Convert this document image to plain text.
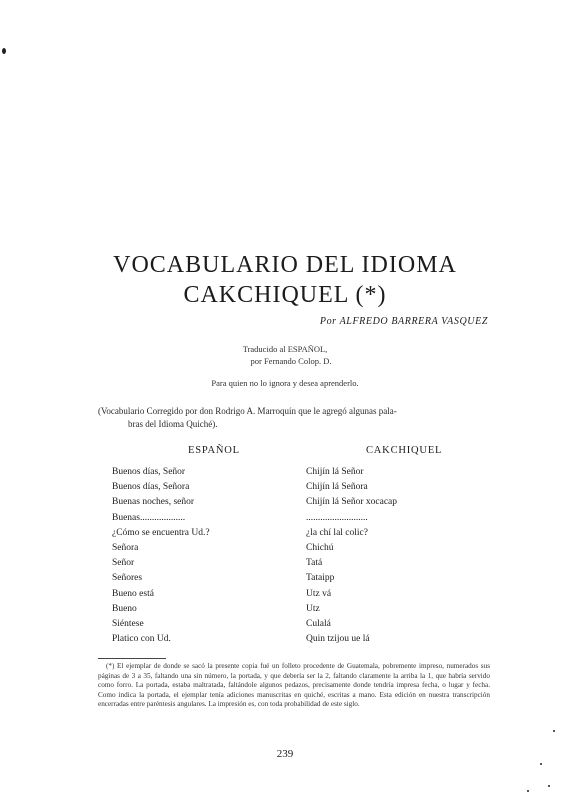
VOCABULARIO DEL IDIOMA
CAKCHIQUEL (*)
Por ALFREDO BARRERA VASQUEZ
Traducido al ESPAÑOL,
por Fernando Colop. D.
Para quien no lo ignora y desea aprenderlo.
(Vocabulario Corregido por don Rodrigo A. Marroquín que le agregó algunas pala-
bras del Idioma Quiché).
ESPAÑOL	CAKCHIQUEL
Buenos días, Señor
Buenos días, Señora
Buenas noches, señor
Buenas...................
¿Cómo se encuentra Ud.?
Señora
Señor
Señores
Bueno está
Bueno
Siéntese
Platico con Ud.
Chijín lá Señor
Chijín lá Señora
Chijín lá Señor xocacap
..........................
¿la chí lal colic?
Chichú
Tatá
Tataipp
Utz vá
Utz
Culalá
Quin tzijou ue lá
(*) El ejemplar de donde se sacó la presente copia fué un folleto procedente de Guatemala, pobremente impreso, numerados sus páginas de 3 a 35, faltando una sin número, la portada, y que debería ser la 2, faltando claramente la arriba la 1, que habría servido como forro. La portada, estaba maltratada, faltándole algunos pedazos, precisamente donde tendría impresa fecha, o lugar y fecha. Como indica la portada, el ejemplar tenía adiciones manuscritas en quiché, escritas a mano. Esta edición en nuestra transcripción encerradas entre paréntesis angulares. La impresión es, con toda probabilidad de este siglo.
239
